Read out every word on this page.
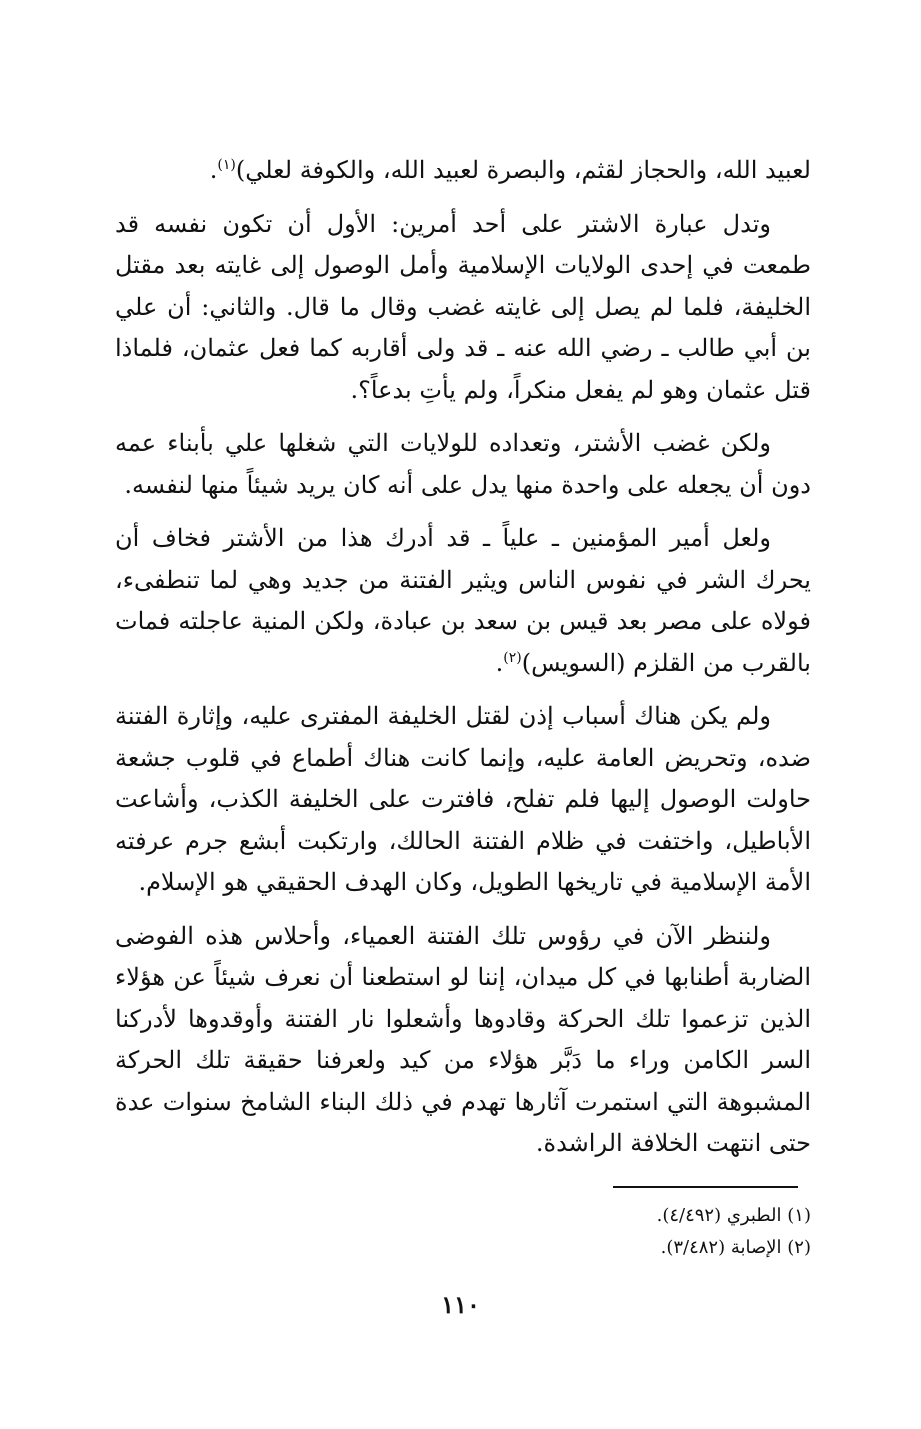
لعبيد الله، والحجاز لقثم، والبصرة لعبيد الله، والكوفة لعلي)$^{(١)}$.

وتدل عبارة الاشتر على أحد أمرين: الأول أن تكون نفسه قد طمعت في إحدى الولايات الإسلامية وأمل الوصول إلى غايته بعد مقتل الخليفة، فلما لم يصل إلى غايته غضب وقال ما قال. والثاني: أن علي بن أبي طالب ـ رضي الله عنه ـ قد ولى أقاربه كما فعل عثمان، فلماذا قتل عثمان وهو لم يفعل منكراً، ولم يأتِ بدعاً؟.

ولكن غضب الأشتر، وتعداده للولايات التي شغلها علي بأبناء عمه دون أن يجعله على واحدة منها يدل على أنه كان يريد شيئاً منها لنفسه.

ولعل أمير المؤمنين ـ علياً ـ قد أدرك هذا من الأشتر فخاف أن يحرك الشر في نفوس الناس ويثير الفتنة من جديد وهي لما تنطفىء، فولاه على مصر بعد قيس بن سعد بن عبادة، ولكن المنية عاجلته فمات بالقرب من القلزم (السويس)$^{(٢)}$.

ولم يكن هناك أسباب إذن لقتل الخليفة المفترى عليه، وإثارة الفتنة ضده، وتحريض العامة عليه، وإنما كانت هناك أطماع في قلوب جشعة حاولت الوصول إليها فلم تفلح، فافترت على الخليفة الكذب، وأشاعت الأباطيل، واختفت في ظلام الفتنة الحالك، وارتكبت أبشع جرم عرفته الأمة الإسلامية في تاريخها الطويل، وكان الهدف الحقيقي هو الإسلام.

ولننظر الآن في رؤوس تلك الفتنة العمياء، وأحلاس هذه الفوضى الضاربة أطنابها في كل ميدان، إننا لو استطعنا أن نعرف شيئاً عن هؤلاء الذين تزعموا تلك الحركة وقادوها وأشعلوا نار الفتنة وأوقدوها لأدركنا السر الكامن وراء ما دَبَّر هؤلاء من كيد ولعرفنا حقيقة تلك الحركة المشبوهة التي استمرت آثارها تهدم في ذلك البناء الشامخ سنوات عدة حتى انتهت الخلافة الراشدة.

(١) الطبري (٤/٤٩٢).

(٢) الإصابة (٣/٤٨٢).

١١٠
